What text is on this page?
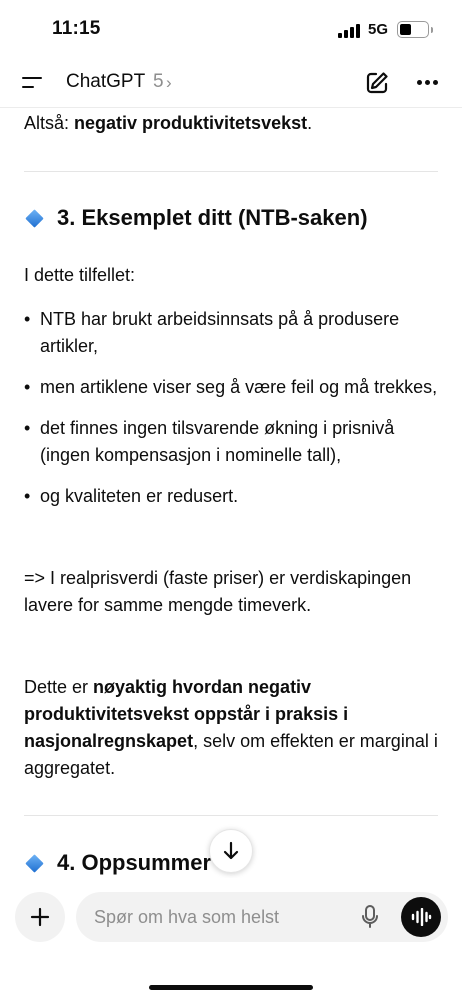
11:15	5G
ChatGPT 5 ›

Altså: negativ produktivitetsvekst.

3. Eksemplet ditt (NTB-saken)

I dette tilfellet:

• NTB har brukt arbeidsinnsats på å produsere artikler,
• men artiklene viser seg å være feil og må trekkes,
• det finnes ingen tilsvarende økning i prisnivå (ingen kompensasjon i nominelle tall),
• og kvaliteten er redusert.

=> I realprisverdi (faste priser) er verdiskapingen lavere for samme mengde timeverk.

Dette er nøyaktig hvordan negativ produktivitetsvekst oppstår i praksis i nasjonalregnskapet, selv om effekten er marginal i aggregatet.

4. Oppsummer
Spør om hva som helst
